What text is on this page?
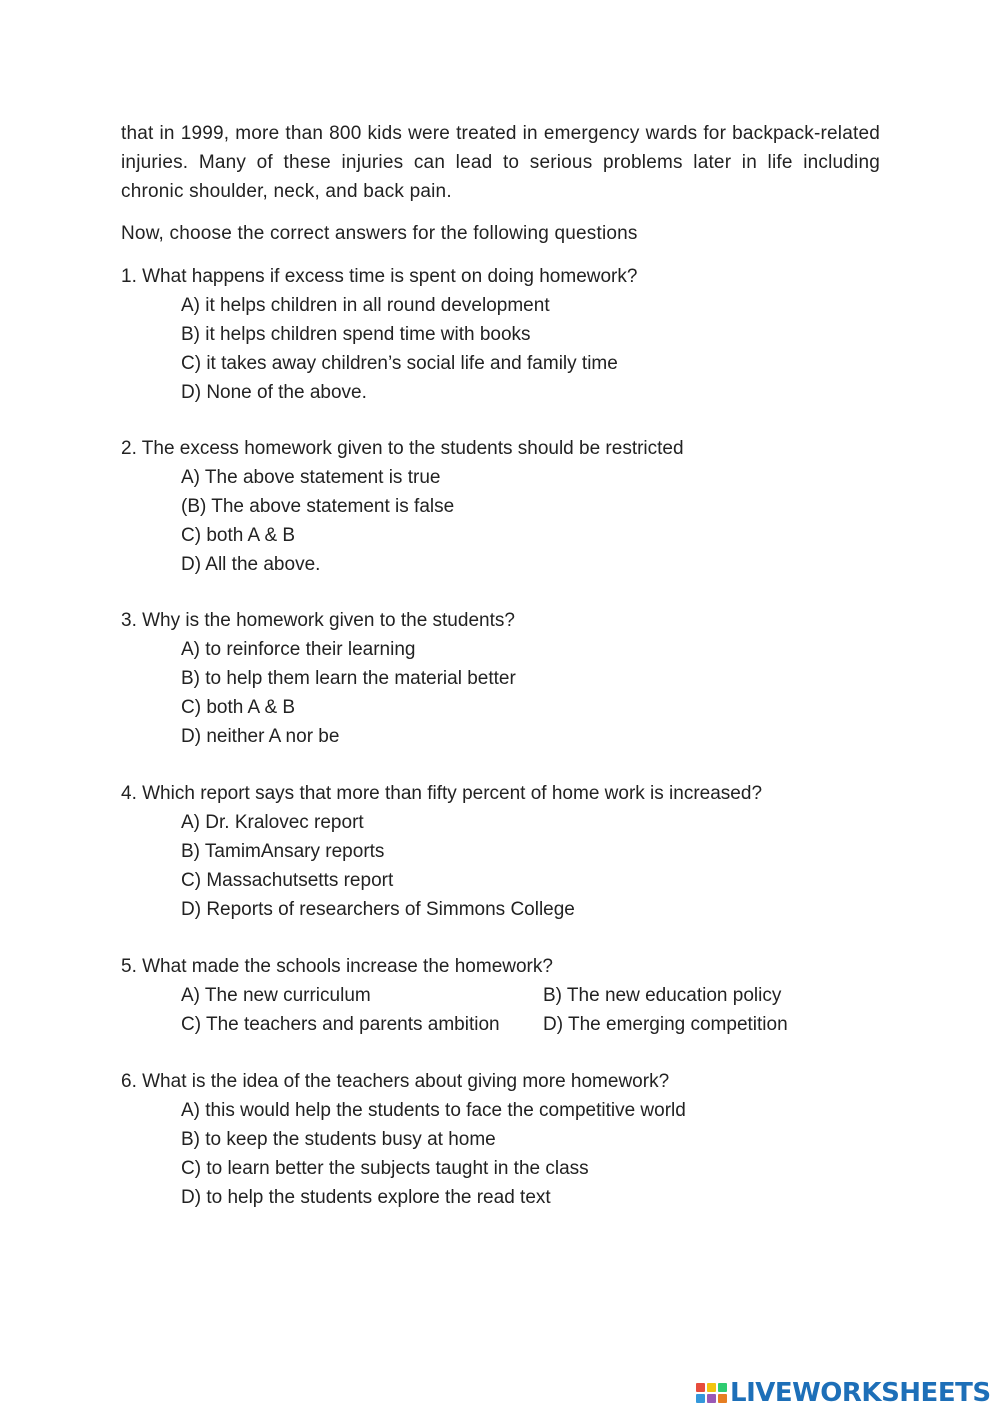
that in 1999, more than 800 kids were treated in emergency wards for backpack-related injuries. Many of these injuries can lead to serious problems later in life including chronic shoulder, neck, and back pain.

Now, choose the correct answers for the following questions

1. What happens if excess time is spent on doing homework?

A) it helps children in all round development
B) it helps children spend time with books
C) it takes away children’s social life and family time
D) None of the above.

2. The excess homework given to the students should be restricted

A) The above statement is true
(B) The above statement is false
C) both A & B
D) All the above.

3. Why is the homework given to the students?

A) to reinforce their learning
B) to help them learn the material better
C) both A & B
D) neither A nor be

4. Which report says that more than fifty percent of home work is increased?

A) Dr. Kralovec report
B) TamimAnsary reports
C) Massachutsetts report
D) Reports of researchers of Simmons College

5. What made the schools increase the homework?

A) The new curriculum	B) The new education policy
C) The teachers and parents ambition	D) The emerging competition

6. What is the idea of the teachers about giving more homework?

A) this would help the students to face the competitive world
B) to keep the students busy at home
C) to learn better the subjects taught in the class
D) to help the students explore the read text
LIVEWORKSHEETS
